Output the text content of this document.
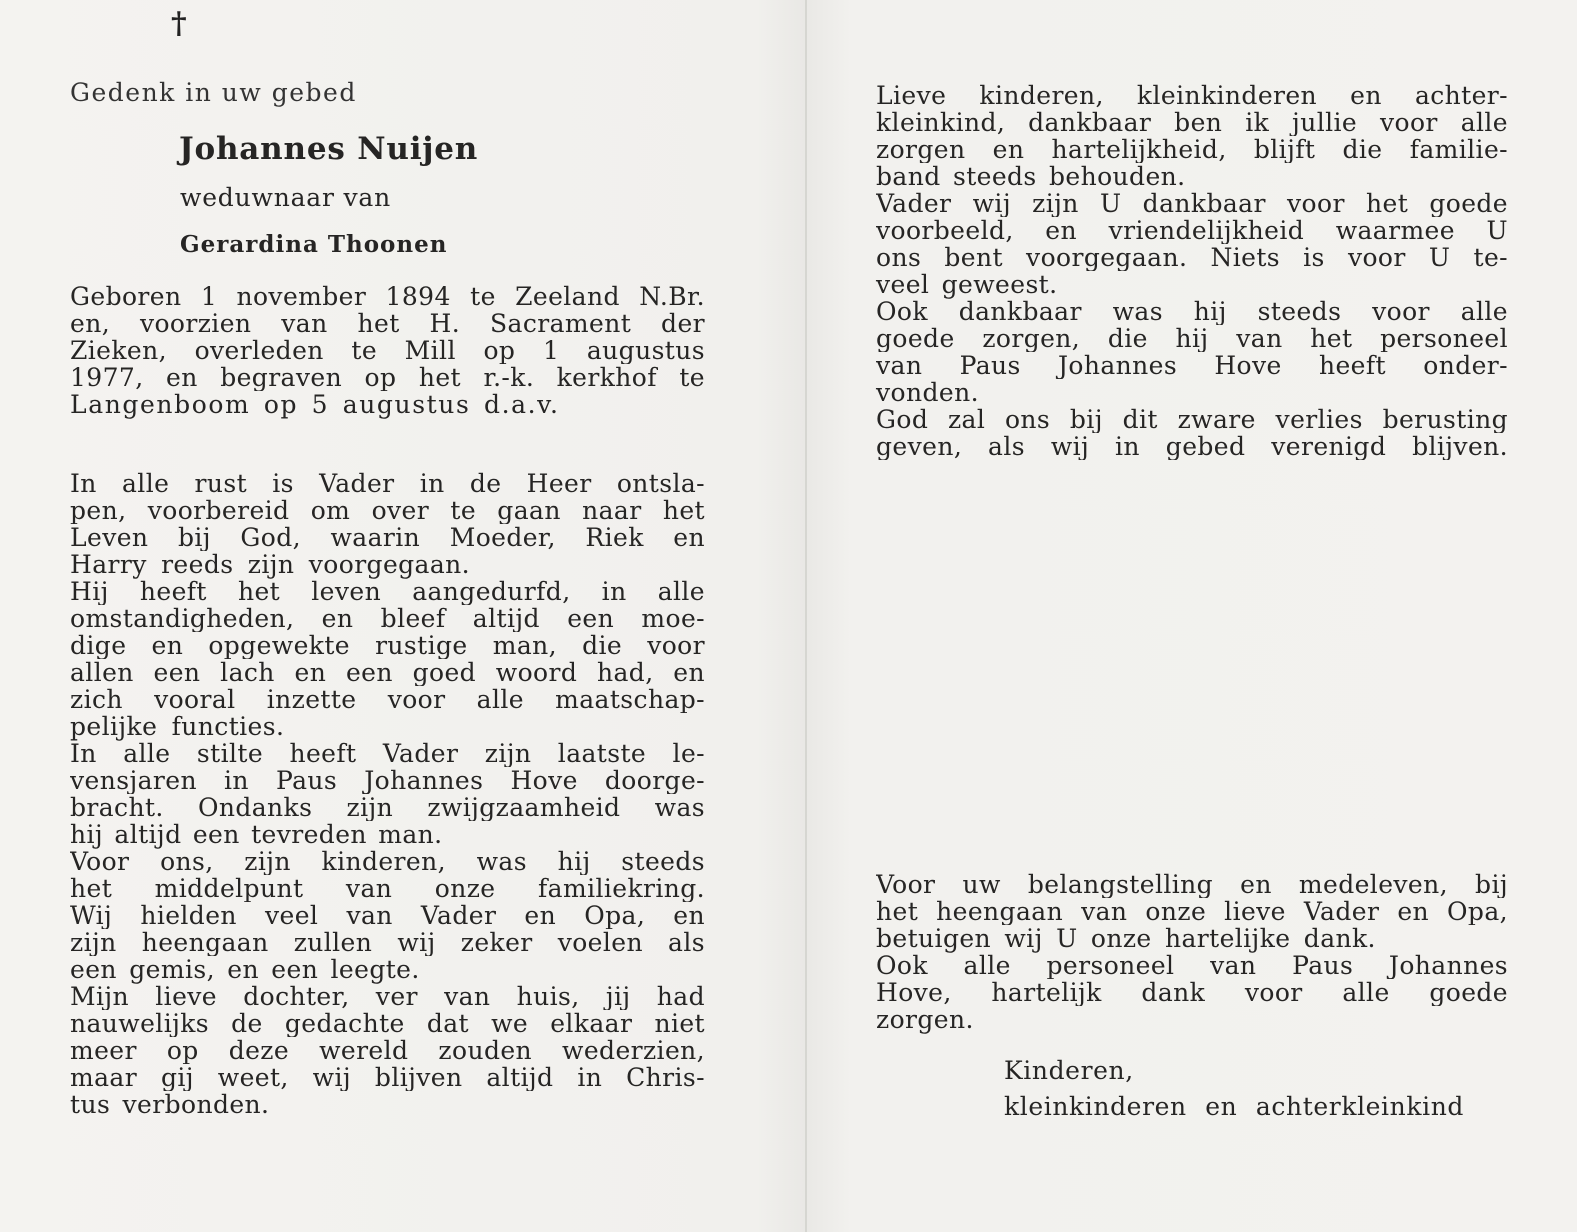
†

Gedenk in uw gebed

Johannes Nuijen

weduwnaar van

Gerardina Thoonen

Geboren 1 november 1894 te Zeeland N.Br.

en, voorzien van het H. Sacrament der

Zieken, overleden te Mill op 1 augustus

1977, en begraven op het r.-k. kerkhof te

Langenboom op 5 augustus d.a.v.

In alle rust is Vader in de Heer ontsla-

pen, voorbereid om over te gaan naar het

Leven bij God, waarin Moeder, Riek en

Harry reeds zijn voorgegaan.

Hij heeft het leven aangedurfd, in alle

omstandigheden, en bleef altijd een moe-

dige en opgewekte rustige man, die voor

allen een lach en een goed woord had, en

zich vooral inzette voor alle maatschap-

pelijke functies.

In alle stilte heeft Vader zijn laatste le-

vensjaren in Paus Johannes Hove doorge-

bracht. Ondanks zijn zwijgzaamheid was

hij altijd een tevreden man.

Voor ons, zijn kinderen, was hij steeds

het middelpunt van onze familiekring.

Wij hielden veel van Vader en Opa, en

zijn heengaan zullen wij zeker voelen als

een gemis, en een leegte.

Mijn lieve dochter, ver van huis, jij had

nauwelijks de gedachte dat we elkaar niet

meer op deze wereld zouden wederzien,

maar gij weet, wij blijven altijd in Chris-

tus verbonden.

Lieve kinderen, kleinkinderen en achter-

kleinkind, dankbaar ben ik jullie voor alle

zorgen en hartelijkheid, blijft die familie-

band steeds behouden.

Vader wij zijn U dankbaar voor het goede

voorbeeld, en vriendelijkheid waarmee U

ons bent voorgegaan. Niets is voor U te-

veel geweest.

Ook dankbaar was hij steeds voor alle

goede zorgen, die hij van het personeel

van Paus Johannes Hove heeft onder-

vonden.

God zal ons bij dit zware verlies berusting

geven, als wij in gebed verenigd blijven.

Voor uw belangstelling en medeleven, bij

het heengaan van onze lieve Vader en Opa,

betuigen wij U onze hartelijke dank.

Ook alle personeel van Paus Johannes

Hove, hartelijk dank voor alle goede

zorgen.

Kinderen,

kleinkinderen en achterkleinkind
